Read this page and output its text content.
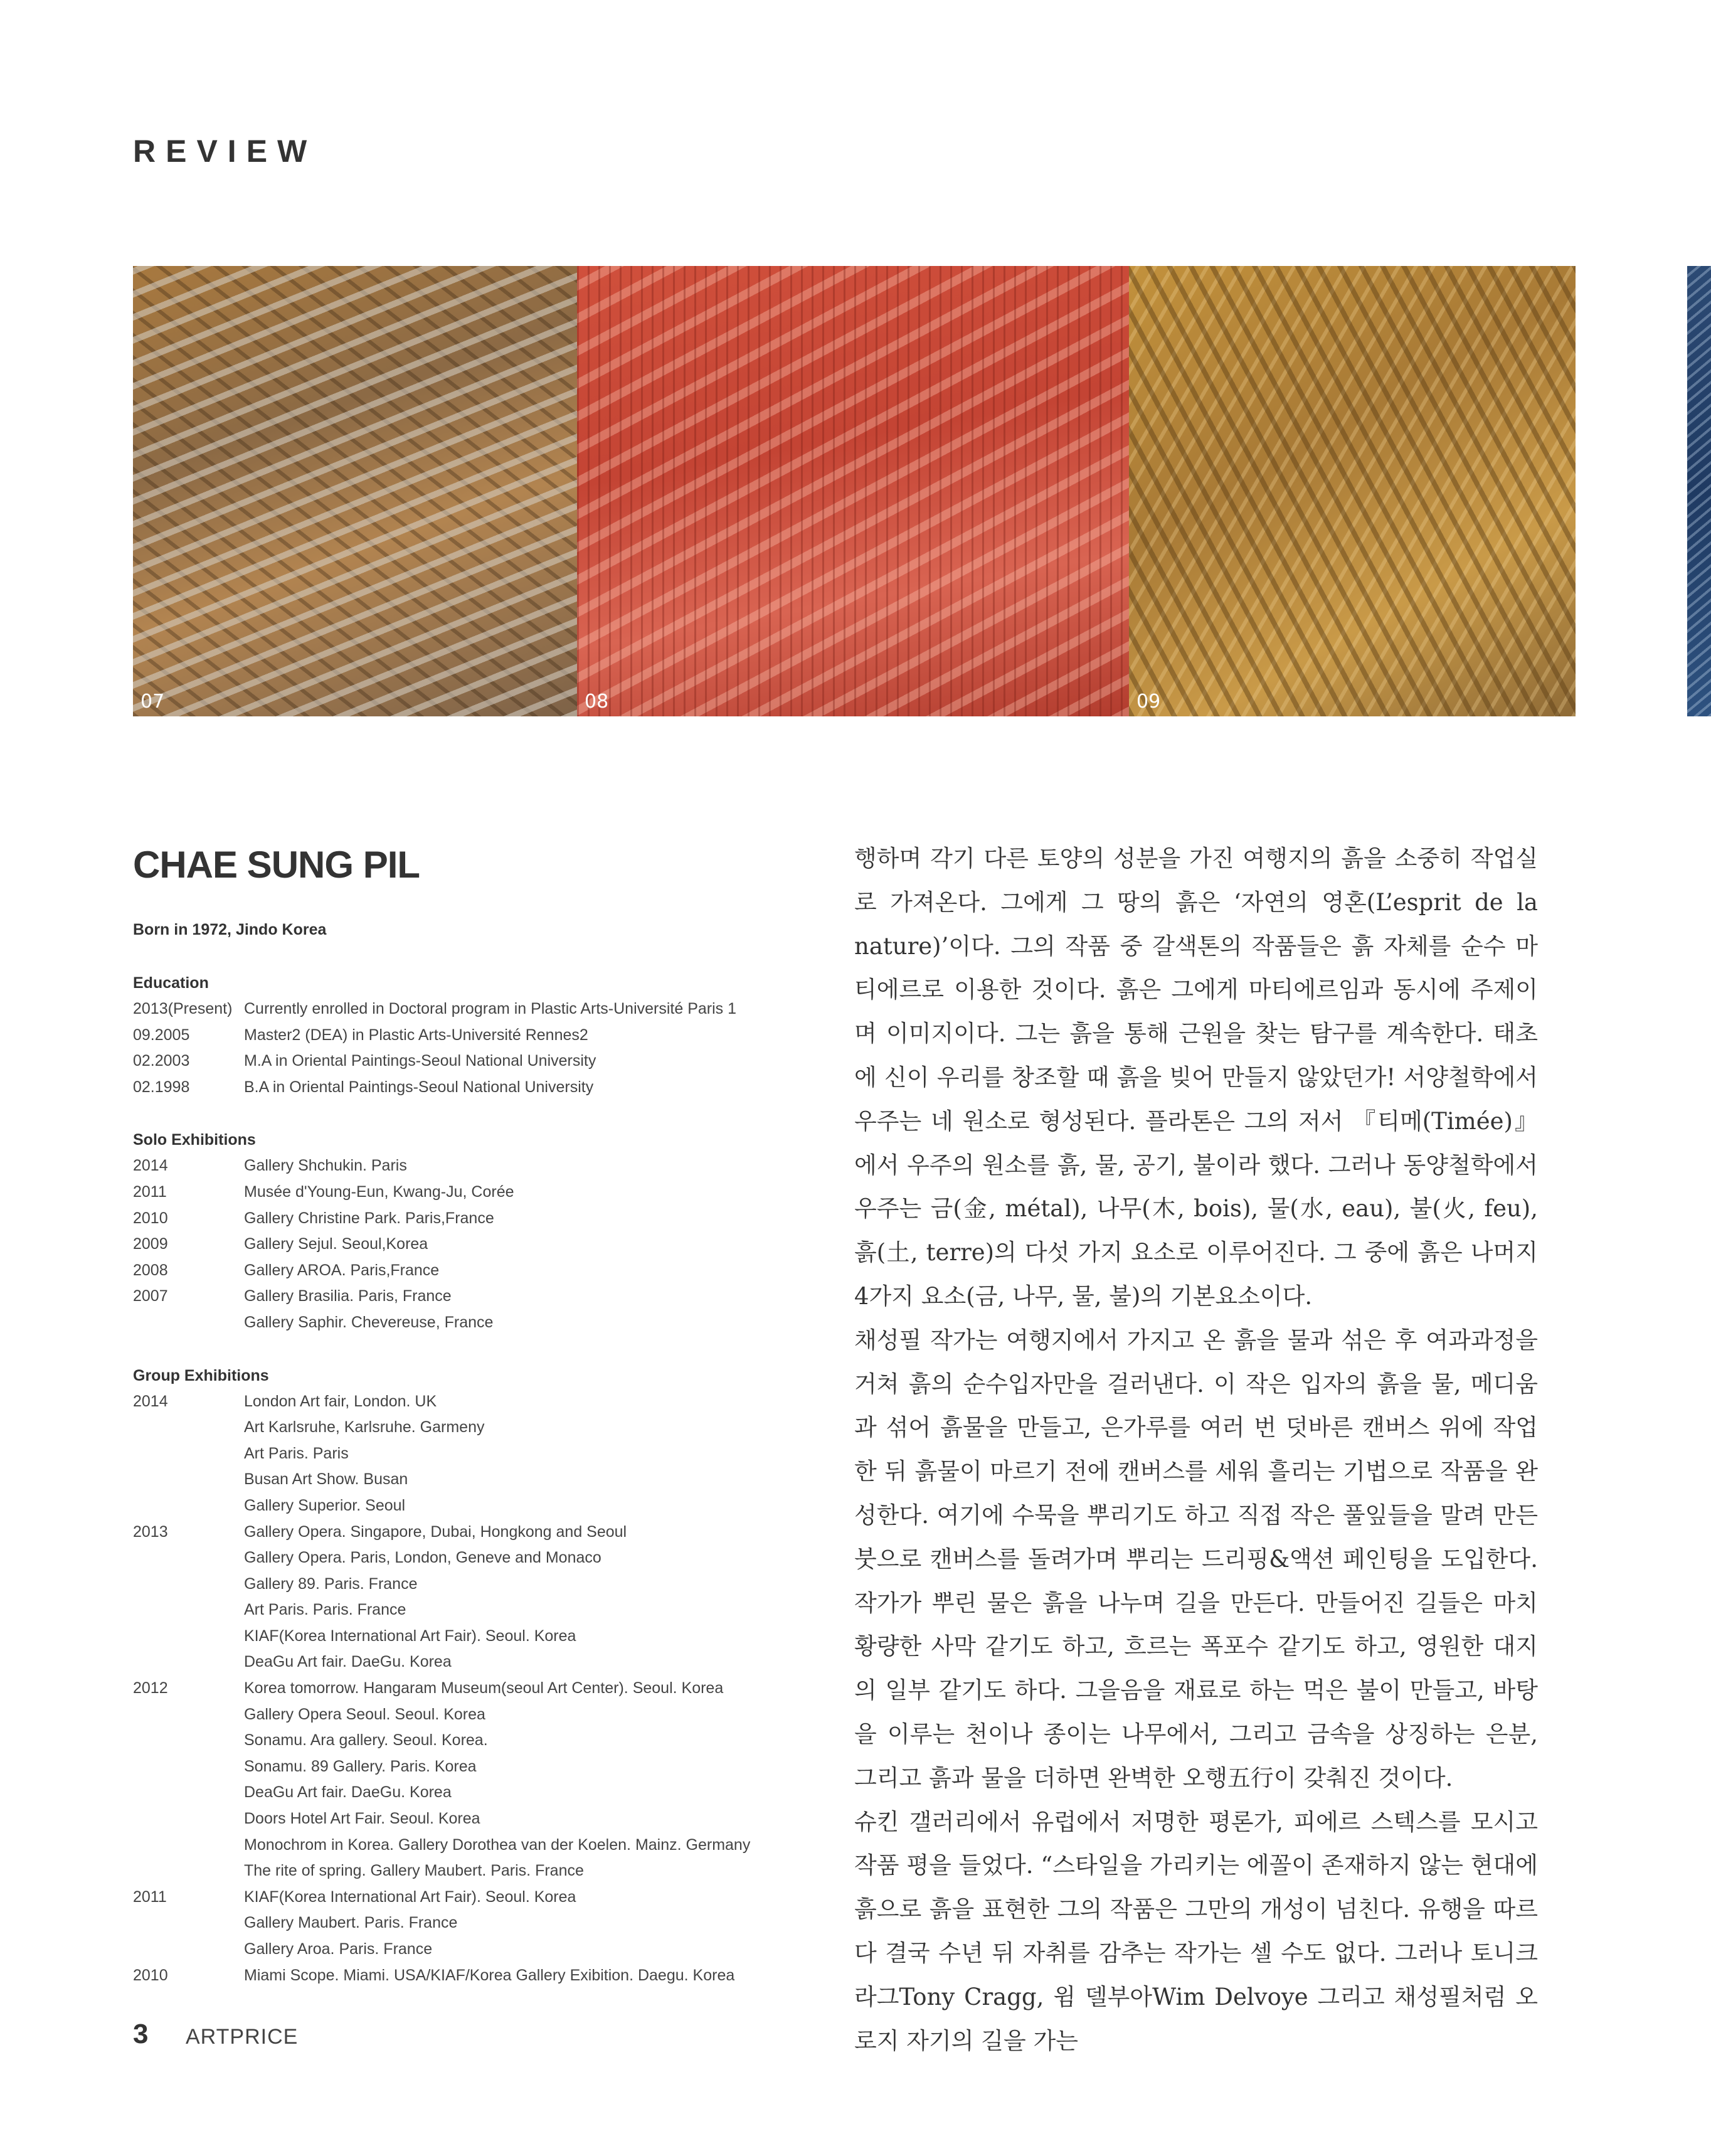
REVIEW
07	08	09
CHAE SUNG PIL
Born in 1972, Jindo Korea
Education
2013(Present) Currently enrolled in Doctoral program in Plastic Arts-Université Paris 1
09.2005	Master2 (DEA) in Plastic Arts-Université Rennes2
02.2003	M.A in Oriental Paintings-Seoul National University
02.1998	B.A in Oriental Paintings-Seoul National University
Solo Exhibitions
2014	Gallery Shchukin. Paris
2011	Musée d'Young-Eun, Kwang-Ju, Corée
2010	Gallery Christine Park. Paris,France
2009	Gallery Sejul. Seoul,Korea
2008	Gallery AROA. Paris,France
2007	Gallery Brasilia. Paris, France
Gallery Saphir. Chevereuse, France
Group Exhibitions
2014	London Art fair, London. UK
Art Karlsruhe, Karlsruhe. Garmeny
Art Paris. Paris
Busan Art Show. Busan
Gallery Superior. Seoul
2013	Gallery Opera. Singapore, Dubai, Hongkong and Seoul
Gallery Opera. Paris, London, Geneve and Monaco
Gallery 89. Paris. France
Art Paris. Paris. France
KIAF(Korea International Art Fair). Seoul. Korea
DeaGu Art fair. DaeGu. Korea
2012	Korea tomorrow. Hangaram Museum(seoul Art Center). Seoul. Korea
Gallery Opera Seoul. Seoul. Korea
Sonamu. Ara gallery. Seoul. Korea.
Sonamu. 89 Gallery. Paris. Korea
DeaGu Art fair. DaeGu. Korea
Doors Hotel Art Fair. Seoul. Korea
Monochrom in Korea. Gallery Dorothea van der Koelen. Mainz. Germany
The rite of spring. Gallery Maubert. Paris. France
2011	KIAF(Korea International Art Fair). Seoul. Korea
Gallery Maubert. Paris. France
Gallery Aroa. Paris. France
2010	Miami Scope. Miami. USA/KIAF/Korea Gallery Exibition. Daegu. Korea

행하며 각기 다른 토양의 성분을 가진 여행지의 흙을 소중히 작업실로 가져온다. 그에게 그 땅의 흙은 ‘자연의 영혼(L’esprit de la nature)’이다. 그의 작품 중 갈색톤의 작품들은 흙 자체를 순수 마티에르로 이용한 것이다. 흙은 그에게 마티에르임과 동시에 주제이며 이미지이다. 그는 흙을 통해 근원을 찾는 탐구를 계속한다. 태초에 신이 우리를 창조할 때 흙을 빚어 만들지 않았던가! 서양철학에서 우주는 네 원소로 형성된다. 플라톤은 그의 저서 『티메(Timée)』에서 우주의 원소를 흙, 물, 공기, 불이라 했다. 그러나 동양철학에서 우주는 금(金, métal), 나무(木, bois), 물(水, eau), 불(火, feu), 흙(土, terre)의 다섯 가지 요소로 이루어진다. 그 중에 흙은 나머지 4가지 요소(금, 나무, 물, 불)의 기본요소이다.

채성필 작가는 여행지에서 가지고 온 흙을 물과 섞은 후 여과과정을 거쳐 흙의 순수입자만을 걸러낸다. 이 작은 입자의 흙을 물, 메디움과 섞어 흙물을 만들고, 은가루를 여러 번 덧바른 캔버스 위에 작업한 뒤 흙물이 마르기 전에 캔버스를 세워 흘리는 기법으로 작품을 완성한다. 여기에 수묵을 뿌리기도 하고 직접 작은 풀잎들을 말려 만든 붓으로 캔버스를 돌려가며 뿌리는 드리핑&액션 페인팅을 도입한다. 작가가 뿌린 물은 흙을 나누며 길을 만든다. 만들어진 길들은 마치 황량한 사막 같기도 하고, 흐르는 폭포수 같기도 하고, 영원한 대지의 일부 같기도 하다. 그을음을 재료로 하는 먹은 불이 만들고, 바탕을 이루는 천이나 종이는 나무에서, 그리고 금속을 상징하는 은분, 그리고 흙과 물을 더하면 완벽한 오행五行이 갖춰진 것이다.

슈킨 갤러리에서 유럽에서 저명한 평론가, 피에르 스텍스를 모시고 작품 평을 들었다. “스타일을 가리키는 에꼴이 존재하지 않는 현대에 흙으로 흙을 표현한 그의 작품은 그만의 개성이 넘친다. 유행을 따르다 결국 수년 뒤 자취를 감추는 작가는 셀 수도 없다. 그러나 토니크라그Tony Cragg, 윔 델부아Wim Delvoye 그리고 채성필처럼 오로지 자기의 길을 가는

3 ARTPRICE
